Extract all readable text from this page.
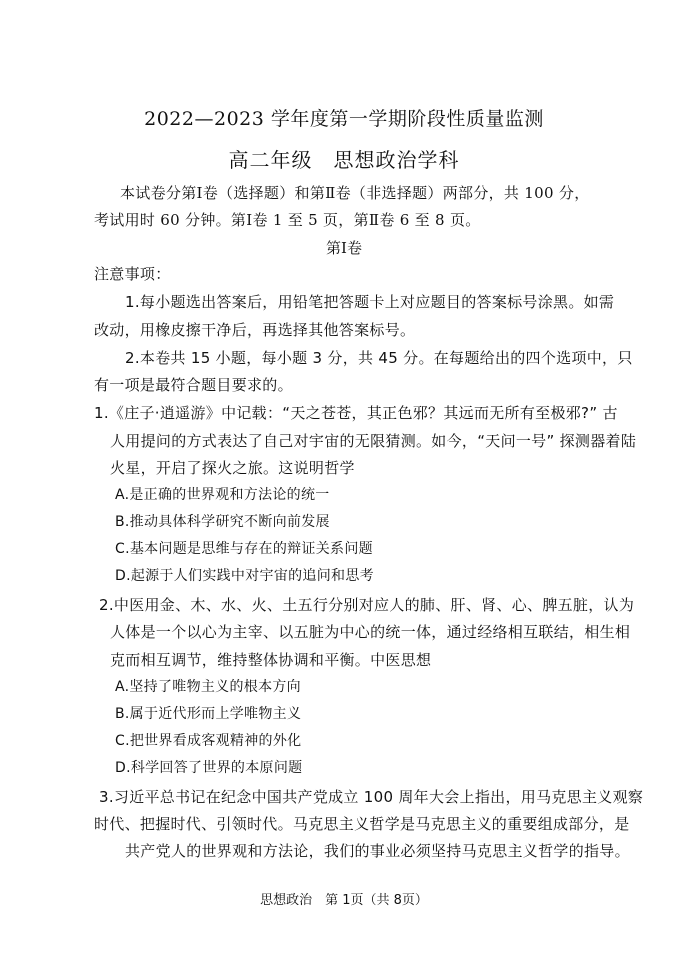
2022—2023 学年度第一学期阶段性质量监测
高二年级　思想政治学科
本试卷分第Ⅰ卷（选择题）和第Ⅱ卷（非选择题）两部分，共 100 分，
考试用时 60 分钟。第Ⅰ卷 1 至 5 页，第Ⅱ卷 6 至 8 页。
第Ⅰ卷
注意事项：
1.每小题选出答案后，用铅笔把答题卡上对应题目的答案标号涂黑。如需
改动，用橡皮擦干净后，再选择其他答案标号。
2.本卷共 15 小题，每小题 3 分，共 45 分。在每题给出的四个选项中，只
有一项是最符合题目要求的。
1.《庄子·逍遥游》中记载：“天之苍苍，其正色邪？其远而无所有至极邪?” 古
人用提问的方式表达了自己对宇宙的无限猜测。如今，“天问一号” 探测器着陆
火星，开启了探火之旅。这说明哲学
A.是正确的世界观和方法论的统一
B.推动具体科学研究不断向前发展
C.基本问题是思维与存在的辩证关系问题
D.起源于人们实践中对宇宙的追问和思考
2.中医用金、木、水、火、土五行分别对应人的肺、肝、肾、心、脾五脏，认为
人体是一个以心为主宰、以五脏为中心的统一体，通过经络相互联结，相生相
克而相互调节，维持整体协调和平衡。中医思想
A.坚持了唯物主义的根本方向
B.属于近代形而上学唯物主义
C.把世界看成客观精神的外化
D.科学回答了世界的本原问题
3.习近平总书记在纪念中国共产党成立 100 周年大会上指出，用马克思主义观察
时代、把握时代、引领时代。马克思主义哲学是马克思主义的重要组成部分，是
共产党人的世界观和方法论，我们的事业必须坚持马克思主义哲学的指导。
思想政治　第 1页（共 8页）
